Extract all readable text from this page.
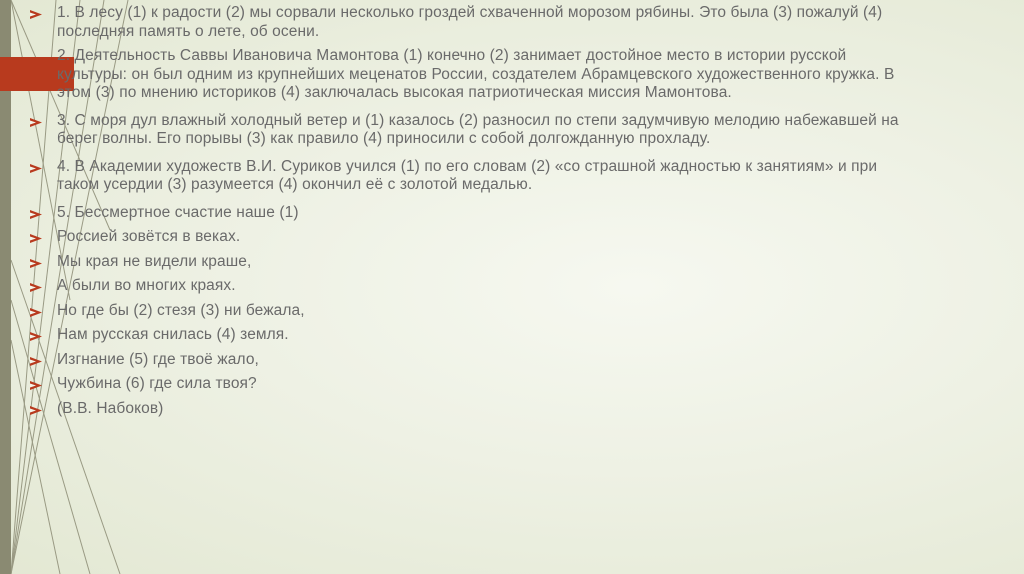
1. В лесу (1) к радости (2) мы сорвали несколько гроздей схваченной морозом рябины. Это была (3) пожалуй (4) последняя память о лете, об осени.
2. Деятельность Саввы Ивановича Мамонтова (1) конечно (2) занимает достойное место в истории русской культуры: он был одним из крупнейших меценатов России, создателем Абрамцевского художественного кружка. В этом (3) по мнению историков (4) заключалась высокая патриотическая миссия Мамонтова.
3. С моря дул влажный холодный ветер и (1) казалось (2) разносил по степи задумчивую мелодию набежавшей на берег волны. Его порывы (3) как правило (4) приносили с собой долгожданную прохладу.
4. В Академии художеств В.И. Суриков учился (1) по его словам (2) «со страшной жадностью к занятиям» и при таком усердии (3) разумеется (4) окончил её с золотой медалью.
5. Бессмертное счастие наше (1)
Россией зовётся в веках.
Мы края не видели краше,
А были во многих краях.
Но где бы (2) стезя (3) ни бежала,
Нам русская снилась (4) земля.
Изгнание (5) где твоё жало,
Чужбина (6) где сила твоя?
(В.В. Набоков)
